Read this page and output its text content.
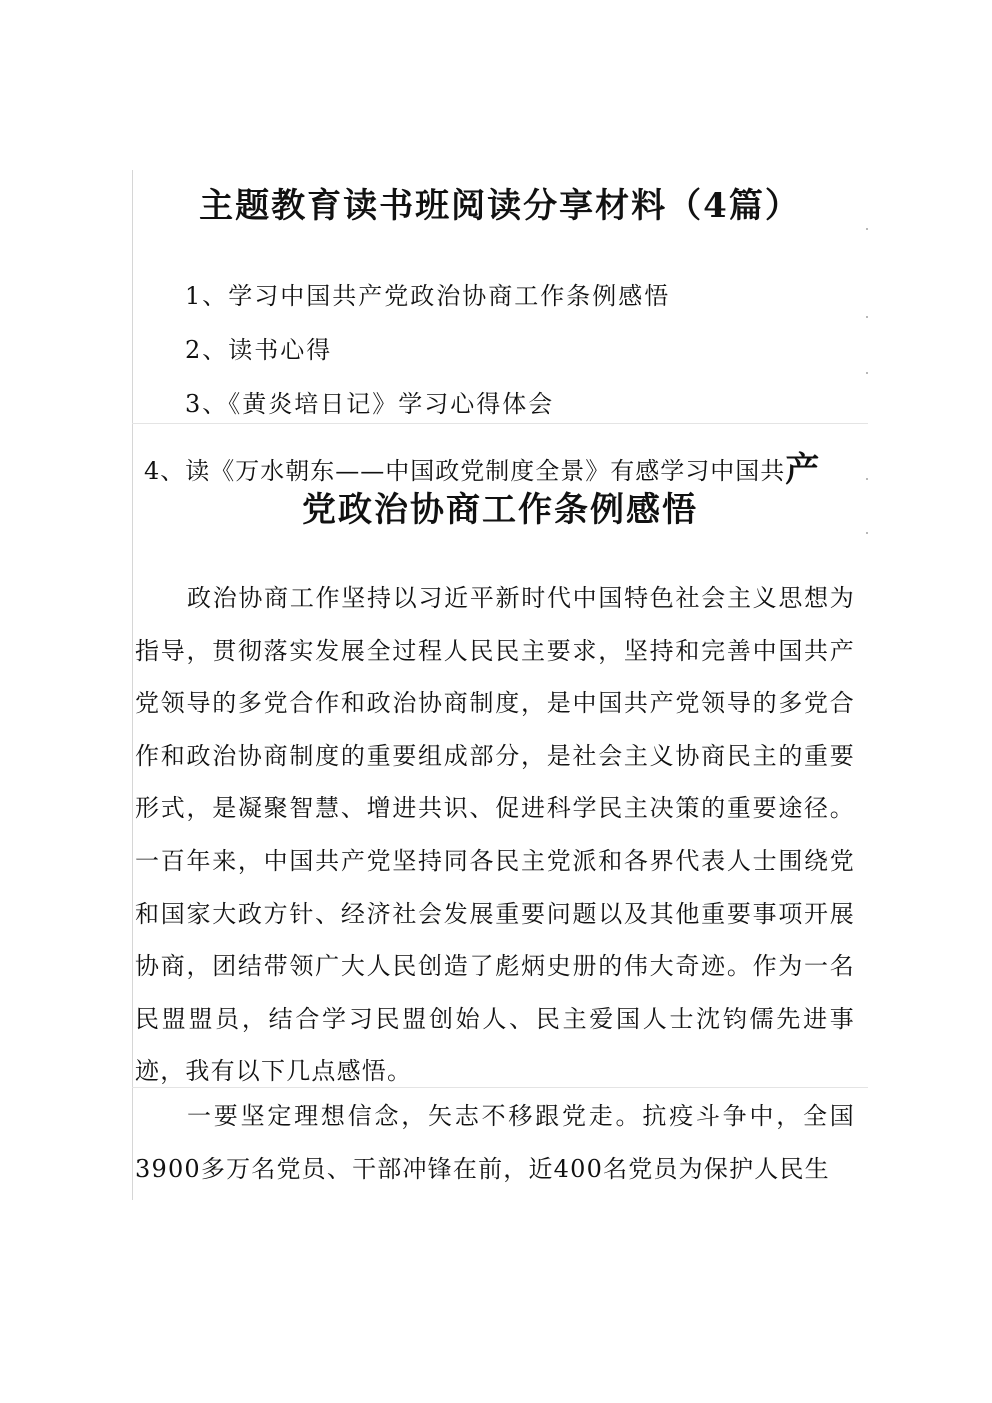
主题教育读书班阅读分享材料（4篇）

1、学习中国共产党政治协商工作条例感悟

2、读书心得

3、《黄炎培日记》学习心得体会

4、读《万水朝东——中国政党制度全景》有感学习中国共产

党政治协商工作条例感悟

政治协商工作坚持以习近平新时代中国特色社会主义思想为指导，贯彻落实发展全过程人民民主要求，坚持和完善中国共产党领导的多党合作和政治协商制度，是中国共产党领导的多党合作和政治协商制度的重要组成部分，是社会主义协商民主的重要形式，是凝聚智慧、增进共识、促进科学民主决策的重要途径。一百年来，中国共产党坚持同各民主党派和各界代表人士围绕党和国家大政方针、经济社会发展重要问题以及其他重要事项开展协商，团结带领广大人民创造了彪炳史册的伟大奇迹。作为一名民盟盟员，结合学习民盟创始人、民主爱国人士沈钧儒先进事迹，我有以下几点感悟。

一要坚定理想信念，矢志不移跟党走。抗疫斗争中，全国3900多万名党员、干部冲锋在前，近400名党员为保护人民生
